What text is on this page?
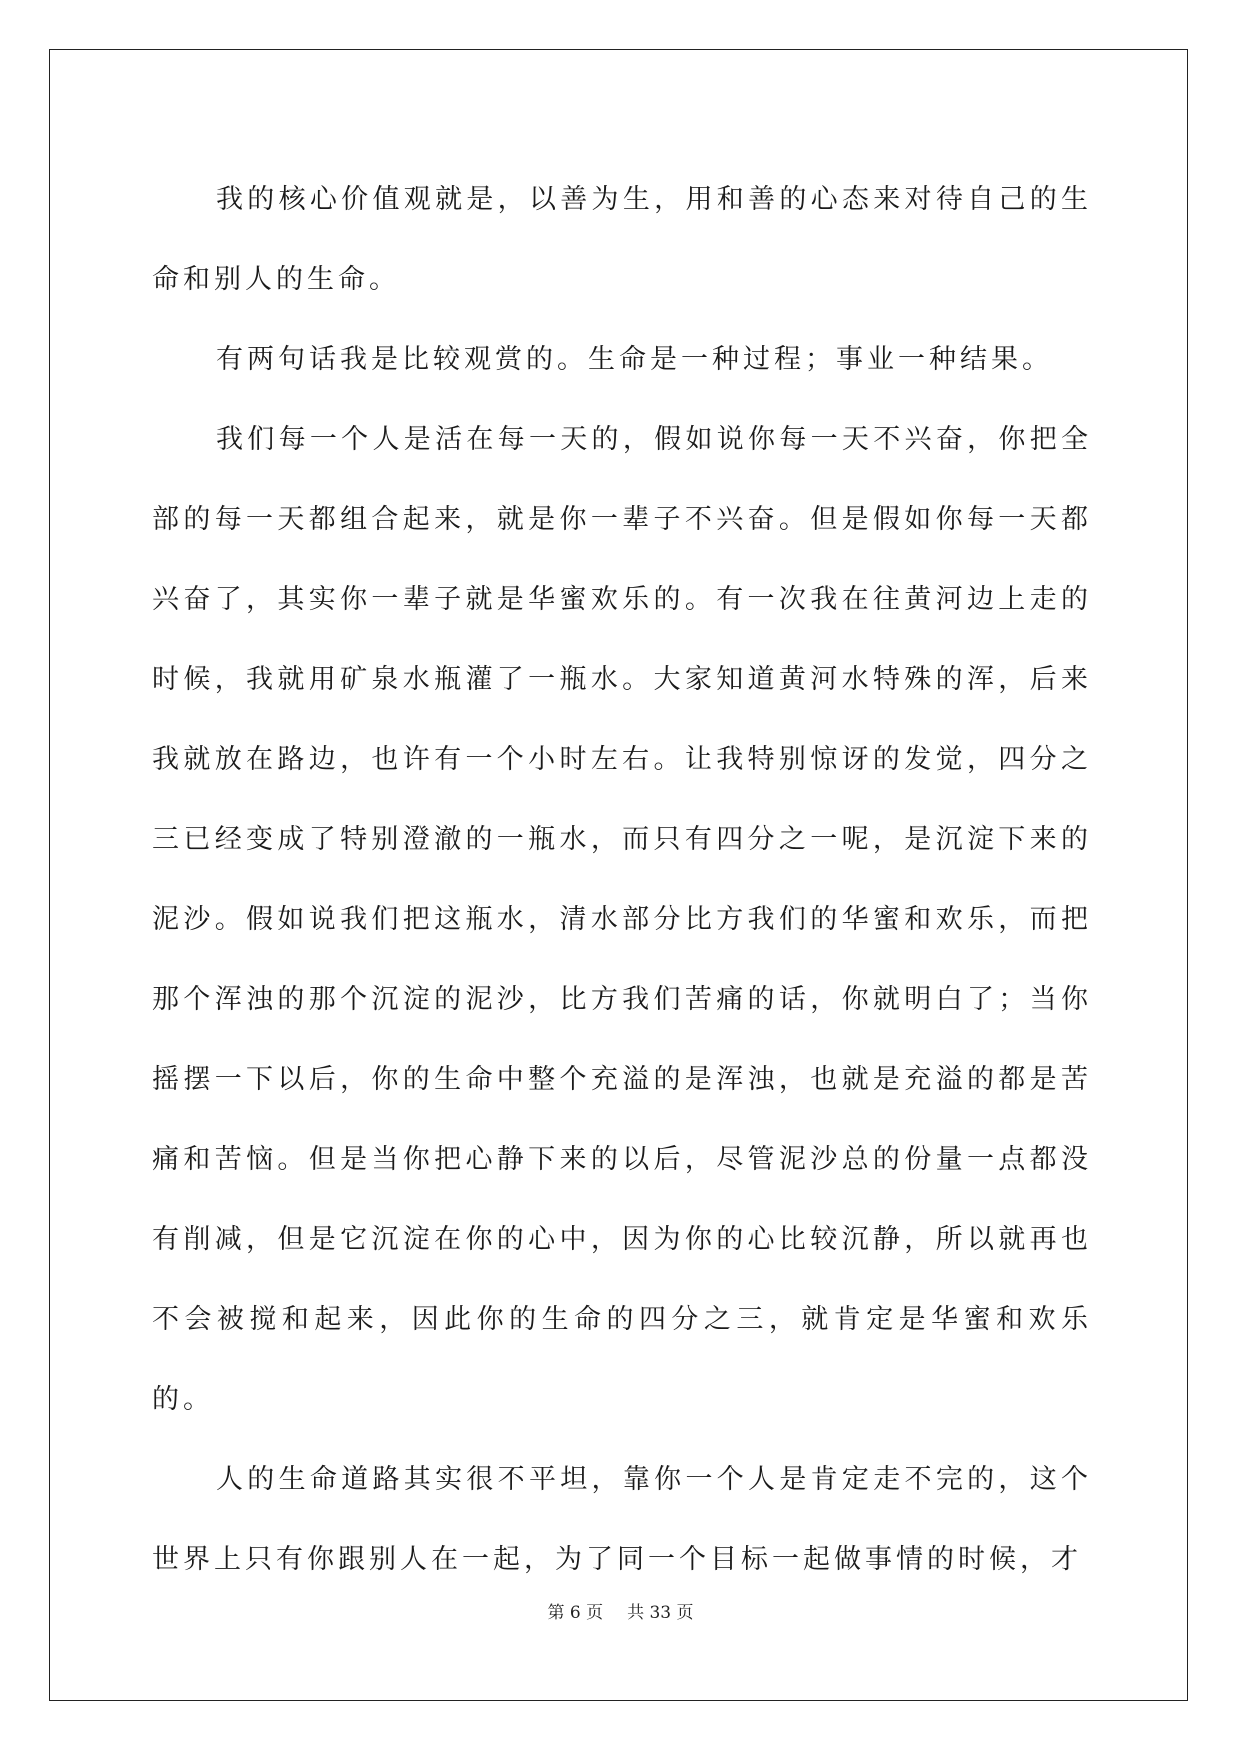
我的核心价值观就是，以善为生，用和善的心态来对待自己的生命和别人的生命。

有两句话我是比较观赏的。生命是一种过程；事业一种结果。

我们每一个人是活在每一天的，假如说你每一天不兴奋，你把全部的每一天都组合起来，就是你一辈子不兴奋。但是假如你每一天都兴奋了，其实你一辈子就是华蜜欢乐的。有一次我在往黄河边上走的时候，我就用矿泉水瓶灌了一瓶水。大家知道黄河水特殊的浑，后来我就放在路边，也许有一个小时左右。让我特别惊讶的发觉，四分之三已经变成了特别澄澈的一瓶水，而只有四分之一呢，是沉淀下来的泥沙。假如说我们把这瓶水，清水部分比方我们的华蜜和欢乐，而把那个浑浊的那个沉淀的泥沙，比方我们苦痛的话，你就明白了；当你摇摆一下以后，你的生命中整个充溢的是浑浊，也就是充溢的都是苦痛和苦恼。但是当你把心静下来的以后，尽管泥沙总的份量一点都没有削减，但是它沉淀在你的心中，因为你的心比较沉静，所以就再也不会被搅和起来，因此你的生命的四分之三，就肯定是华蜜和欢乐的。

人的生命道路其实很不平坦，靠你一个人是肯定走不完的，这个世界上只有你跟别人在一起，为了同一个目标一起做事情的时候，才

第 6 页 共 33 页
